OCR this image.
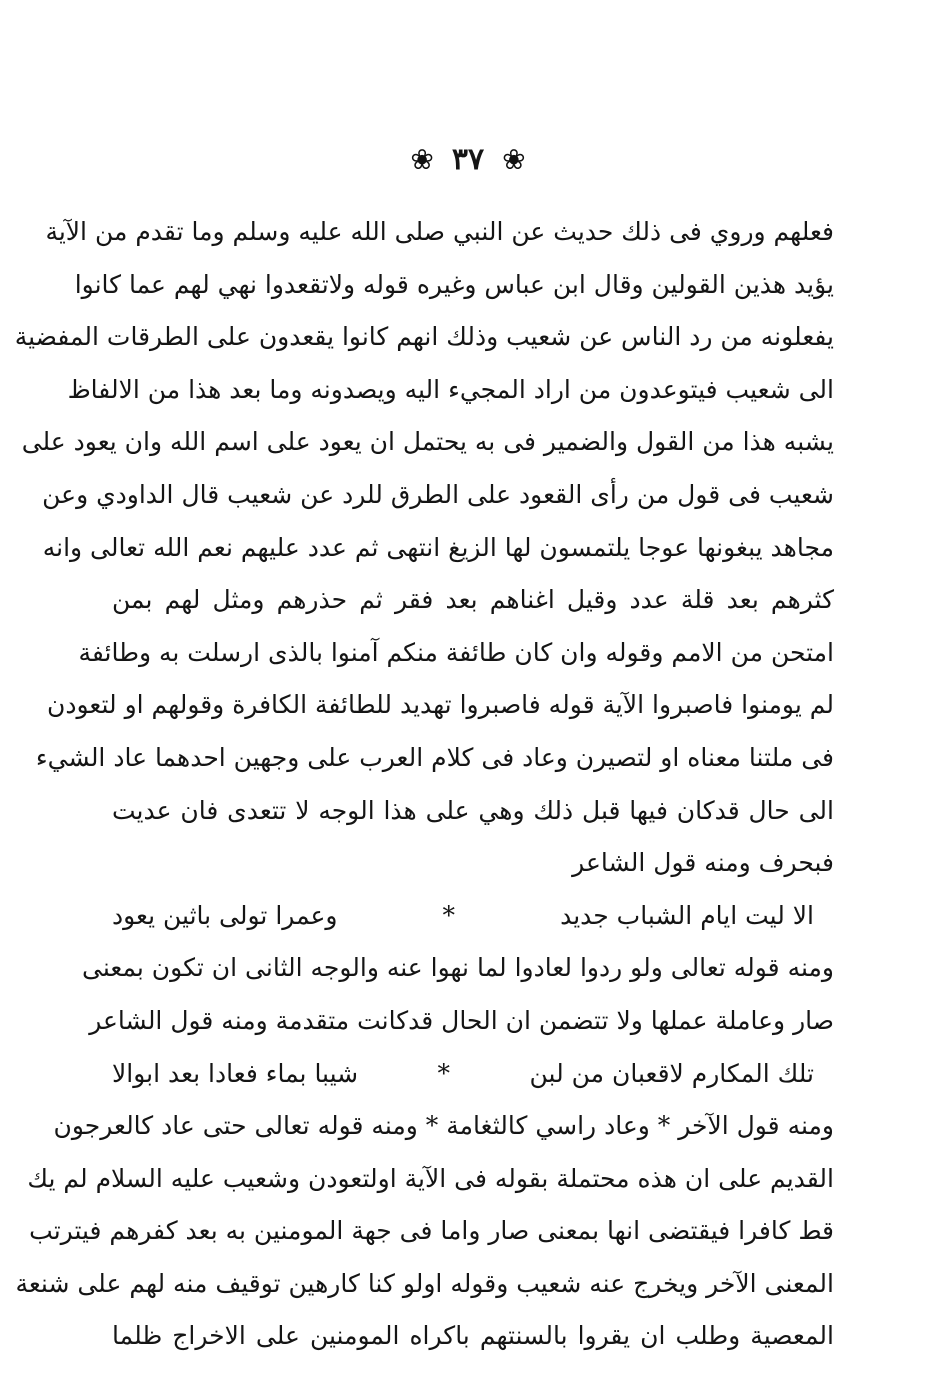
❀ ٣٧ ❀
فعلهم وروي فى ذلك حديث عن النبي صلى الله عليه وسلم وما تقدم من الآية
يؤيد هذين القولين وقال ابن عباس وغيره قوله ولاتقعدوا نهي لهم عما كانوا
يفعلونه من رد الناس عن شعيب وذلك انهم كانوا يقعدون على الطرقات المفضية
الى شعيب فيتوعدون من اراد المجيء اليه ويصدونه وما بعد هذا من الالفاظ
يشبه هذا من القول والضمير فى به يحتمل ان يعود على اسم الله وان يعود على
شعيب فى قول من رأى القعود على الطرق للرد عن شعيب قال الداودي وعن
مجاهد يبغونها عوجا يلتمسون لها الزيغ انتهى ثم عدد عليهم نعم الله تعالى وانه
كثرهم بعد قلة عدد وقيل اغناهم بعد فقر ثم حذرهم ومثل لهم بمن
امتحن من الامم وقوله وان كان طائفة منكم آمنوا بالذى ارسلت به وطائفة
لم يومنوا فاصبروا الآية قوله فاصبروا تهديد للطائفة الكافرة وقولهم او لتعودن
فى ملتنا معناه او لتصيرن وعاد فى كلام العرب على وجهين احدهما عاد الشيء
الى حال قدكان فيها قبل ذلك وهي على هذا الوجه لا تتعدى فان عديت
فبحرف ومنه قول الشاعر
الا ليت ايام الشباب جديد
*
وعمرا تولى باثين يعود
ومنه قوله تعالى ولو ردوا لعادوا لما نهوا عنه والوجه الثانى ان تكون بمعنى
صار وعاملة عملها ولا تتضمن ان الحال قدكانت متقدمة ومنه قول الشاعر
تلك المكارم لاقعبان من لبن
*
شيبا بماء فعادا بعد ابوالا
ومنه قول الآخر * وعاد راسي كالثغامة * ومنه قوله تعالى حتى عاد كالعرجون
القديم على ان هذه محتملة بقوله فى الآية اولتعودن وشعيب عليه السلام لم يك
قط كافرا فيقتضى انها بمعنى صار واما فى جهة المومنين به بعد كفرهم فيترتب
المعنى الآخر ويخرج عنه شعيب وقوله اولو كنا كارهين توقيف منه لهم على شنعة
المعصية وطلب ان يقروا بالسنتهم باكراه المومنين على الاخراج ظلما
